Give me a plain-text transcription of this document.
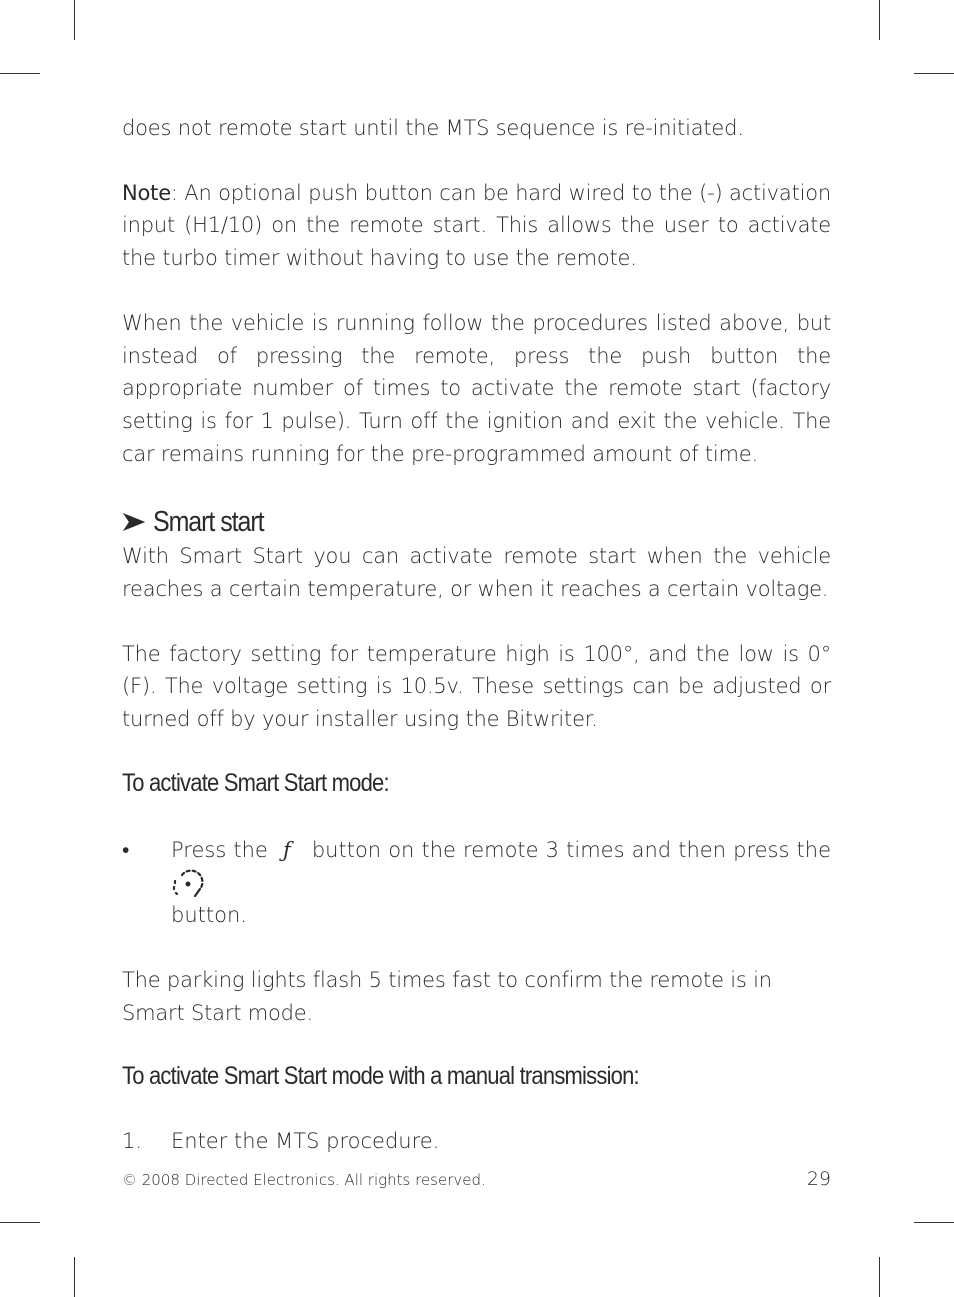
does not remote start until the MTS sequence is re-initiated.

Note: An optional push button can be hard wired to the (-) activation input (H1/10) on the remote start. This allows the user to activate the turbo timer without having to use the remote.

When the vehicle is running follow the procedures listed above, but instead of pressing the remote, press the push button the appropriate number of times to activate the remote start (factory setting is for 1 pulse). Turn off the ignition and exit the vehicle. The car remains running for the pre-programmed amount of time.

Smart start

With Smart Start you can activate remote start when the vehicle reaches a certain temperature, or when it reaches a certain voltage.

The factory setting for temperature high is 100°, and the low is 0° (F). The voltage setting is 10.5v. These settings can be adjusted or turned off by your installer using the Bitwriter.

To activate Smart Start mode:
•	Press the ƒ button on the remote 3 times and then press the
button.

The parking lights flash 5 times fast to confirm the remote is in Smart Start mode.

To activate Smart Start mode with a manual transmission:
1.	Enter the MTS procedure.
© 2008 Directed Electronics. All rights reserved.	29
